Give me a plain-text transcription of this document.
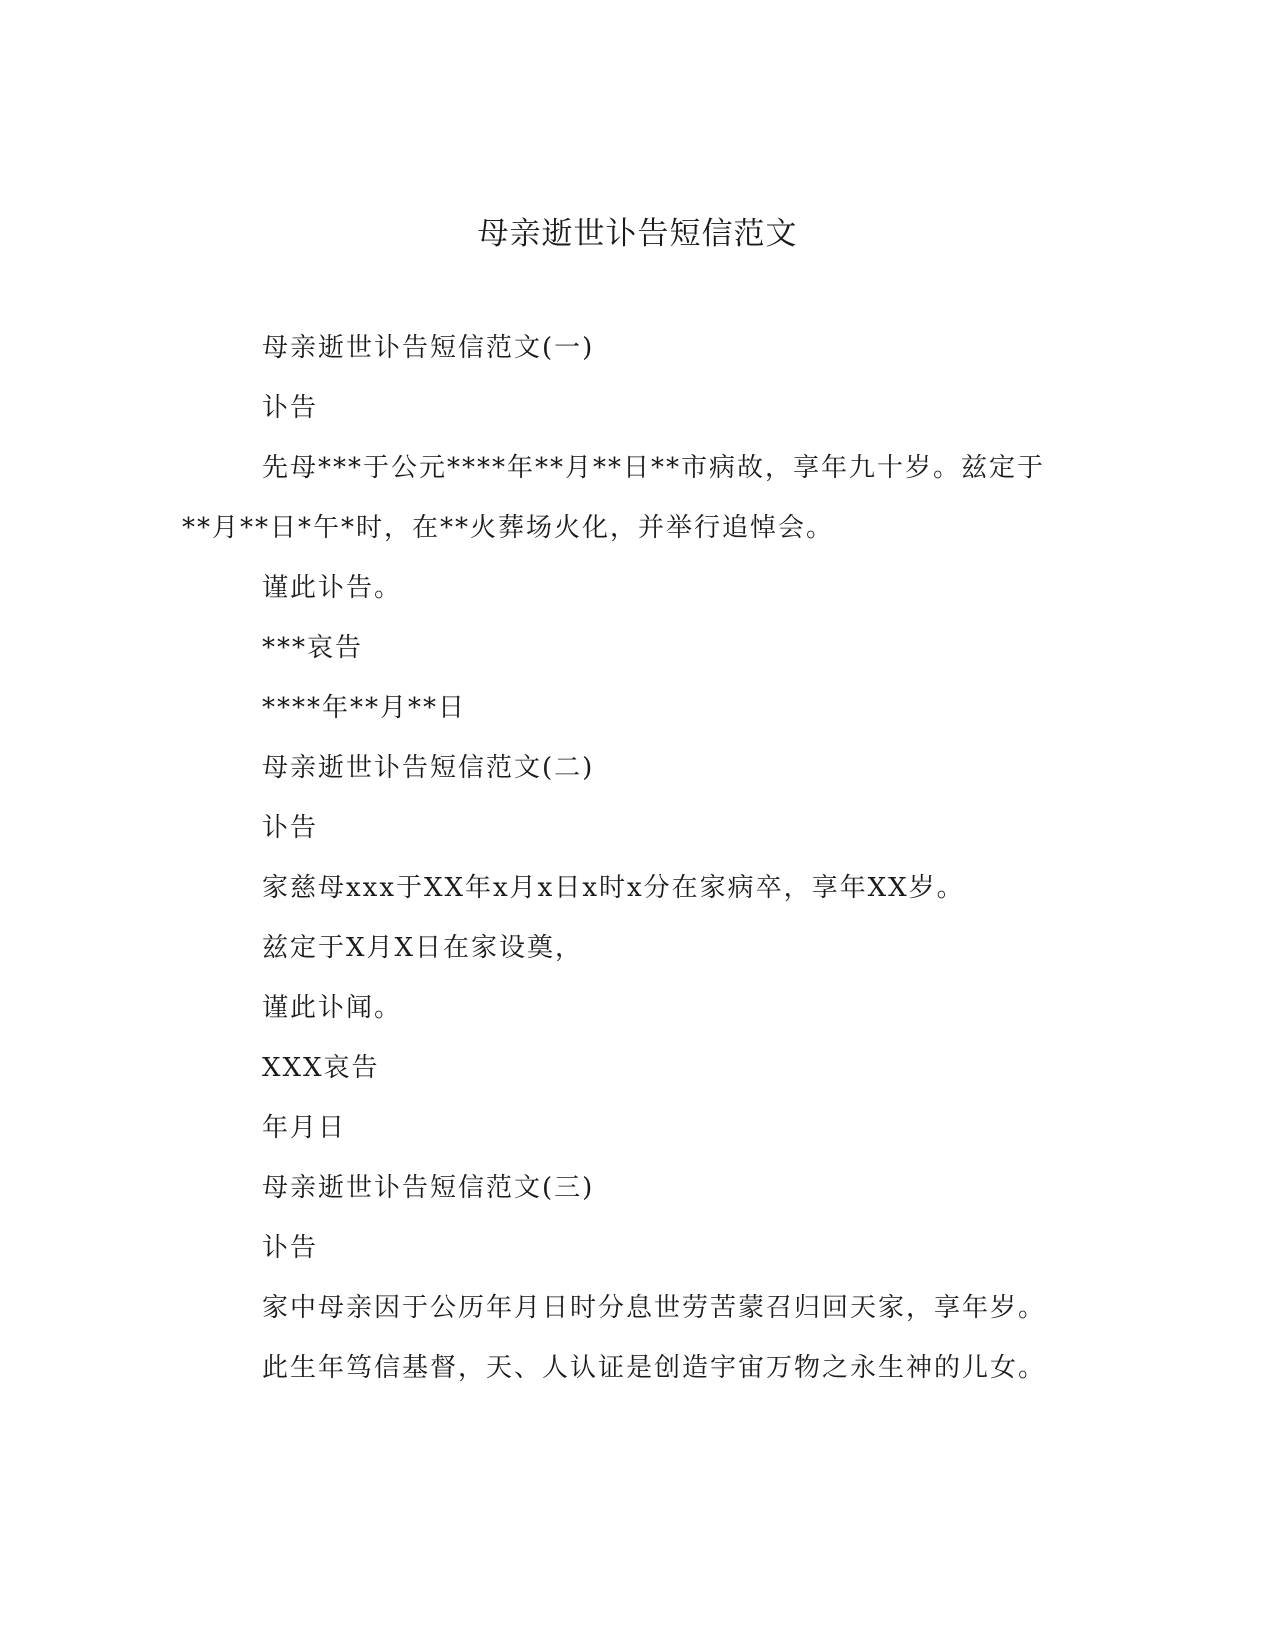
母亲逝世讣告短信范文

母亲逝世讣告短信范文(一)

讣告

先母***于公元****年**月**日**市病故，享年九十岁。兹定于**月**日*午*时，在**火葬场火化，并举行追悼会。

谨此讣告。

***哀告

****年**月**日

母亲逝世讣告短信范文(二)

讣告

家慈母xxx于XX年x月x日x时x分在家病卒，享年XX岁。

兹定于X月X日在家设奠，

谨此讣闻。

XXX哀告

年月日

母亲逝世讣告短信范文(三)

讣告

家中母亲因于公历年月日时分息世劳苦蒙召归回天家，享年岁。

此生年笃信基督，天、人认证是创造宇宙万物之永生神的儿女。
